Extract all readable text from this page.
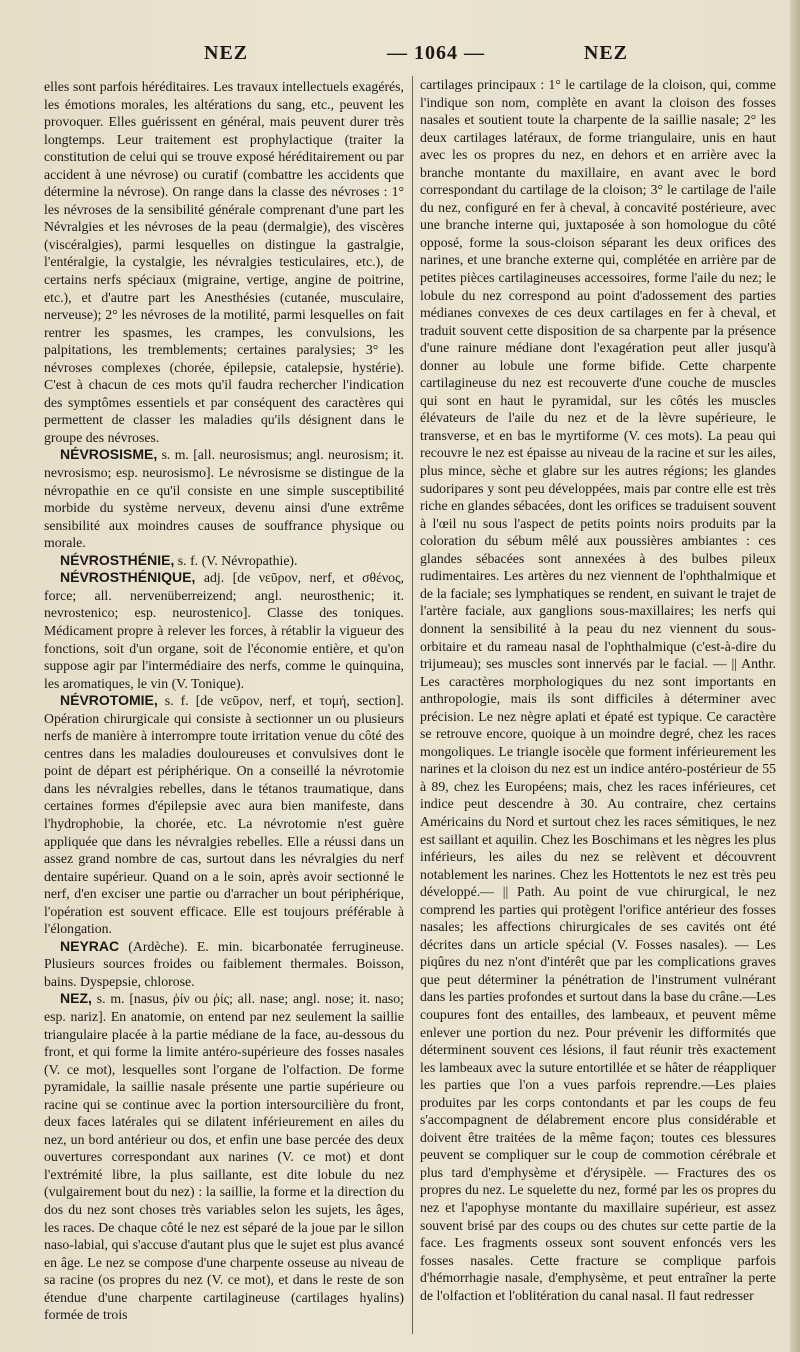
NEZ	— 1064 —	NEZ

elles sont parfois héréditaires. Les travaux intellectuels exagérés, les émotions morales, les altérations du sang, etc., peuvent les provoquer. Elles guérissent en général, mais peuvent durer très longtemps. Leur traitement est prophylactique (traiter la constitution de celui qui se trouve exposé héréditairement ou par accident à une névrose) ou curatif (combattre les accidents que détermine la névrose). On range dans la classe des névroses : 1° les névroses de la sensibilité générale comprenant d'une part les Névralgies et les névroses de la peau (dermalgie), des viscères (viscéralgies), parmi lesquelles on distingue la gastralgie, l'entéralgie, la cystalgie, les névralgies testiculaires, etc.), de certains nerfs spéciaux (migraine, vertige, angine de poitrine, etc.), et d'autre part les Anesthésies (cutanée, musculaire, nerveuse); 2° les névroses de la motilité, parmi lesquelles on fait rentrer les spasmes, les crampes, les convulsions, les palpitations, les tremblements; certaines paralysies; 3° les névroses complexes (chorée, épilepsie, catalepsie, hystérie). C'est à chacun de ces mots qu'il faudra rechercher l'indication des symptômes essentiels et par conséquent des caractères qui permettent de classer les maladies qu'ils désignent dans le groupe des névroses.

NÉVROSISME, s. m. [all. neurosismus; angl. neurosism; it. nevrosismo; esp. neurosismo]. Le névrosisme se distingue de la névropathie en ce qu'il consiste en une simple susceptibilité morbide du système nerveux, devenu ainsi d'une extrême sensibilité aux moindres causes de souffrance physique ou morale.

NÉVROSTHÉNIE, s. f. (V. Névropathie).

NÉVROSTHÉNIQUE, adj. [de νεῦρον, nerf, et σθένος, force; all. nervenüberreizend; angl. neurosthenic; it. nevrostenico; esp. neurostenico]. Classe des toniques. Médicament propre à relever les forces, à rétablir la vigueur des fonctions, soit d'un organe, soit de l'économie entière, et qu'on suppose agir par l'intermédiaire des nerfs, comme le quinquina, les aromatiques, le vin (V. Tonique).

NÉVROTOMIE, s. f. [de νεῦρον, nerf, et τομή, section]. Opération chirurgicale qui consiste à sectionner un ou plusieurs nerfs de manière à interrompre toute irritation venue du côté des centres dans les maladies douloureuses et convulsives dont le point de départ est périphérique. On a conseillé la névrotomie dans les névralgies rebelles, dans le tétanos traumatique, dans certaines formes d'épilepsie avec aura bien manifeste, dans l'hydrophobie, la chorée, etc. La névrotomie n'est guère appliquée que dans les névralgies rebelles. Elle a réussi dans un assez grand nombre de cas, surtout dans les névralgies du nerf dentaire supérieur. Quand on a le soin, après avoir sectionné le nerf, d'en exciser une partie ou d'arracher un bout périphérique, l'opération est souvent efficace. Elle est toujours préférable à l'élongation.

NEYRAC (Ardèche). E. min. bicarbonatée ferrugineuse. Plusieurs sources froides ou faiblement thermales. Boisson, bains. Dyspepsie, chlorose.

NEZ, s. m. [nasus, ῥίν ou ῥίς; all. nase; angl. nose; it. naso; esp. nariz]. En anatomie, on entend par nez seulement la saillie triangulaire placée à la partie médiane de la face, au-dessous du front, et qui forme la limite antéro-supérieure des fosses nasales (V. ce mot), lesquelles sont l'organe de l'olfaction. De forme pyramidale, la saillie nasale présente une partie supérieure ou racine qui se continue avec la portion intersourcilière du front, deux faces latérales qui se dilatent inférieurement en ailes du nez, un bord antérieur ou dos, et enfin une base percée des deux ouvertures correspondant aux narines (V. ce mot) et dont l'extrémité libre, la plus saillante, est dite lobule du nez (vulgairement bout du nez) : la saillie, la forme et la direction du dos du nez sont choses très variables selon les sujets, les âges, les races. De chaque côté le nez est séparé de la joue par le sillon naso-labial, qui s'accuse d'autant plus que le sujet est plus avancé en âge. Le nez se compose d'une charpente osseuse au niveau de sa racine (os propres du nez (V. ce mot), et dans le reste de son étendue d'une charpente cartilagineuse (cartilages hyalins) formée de trois

cartilages principaux : 1° le cartilage de la cloison, qui, comme l'indique son nom, complète en avant la cloison des fosses nasales et soutient toute la charpente de la saillie nasale; 2° les deux cartilages latéraux, de forme triangulaire, unis en haut avec les os propres du nez, en dehors et en arrière avec la branche montante du maxillaire, en avant avec le bord correspondant du cartilage de la cloison; 3° le cartilage de l'aile du nez, configuré en fer à cheval, à concavité postérieure, avec une branche interne qui, juxtaposée à son homologue du côté opposé, forme la sous-cloison séparant les deux orifices des narines, et une branche externe qui, complétée en arrière par de petites pièces cartilagineuses accessoires, forme l'aile du nez; le lobule du nez correspond au point d'adossement des parties médianes convexes de ces deux cartilages en fer à cheval, et traduit souvent cette disposition de sa charpente par la présence d'une rainure médiane dont l'exagération peut aller jusqu'à donner au lobule une forme bifide. Cette charpente cartilagineuse du nez est recouverte d'une couche de muscles qui sont en haut le pyramidal, sur les côtés les muscles élévateurs de l'aile du nez et de la lèvre supérieure, le transverse, et en bas le myrtiforme (V. ces mots). La peau qui recouvre le nez est épaisse au niveau de la racine et sur les ailes, plus mince, sèche et glabre sur les autres régions; les glandes sudoripares y sont peu développées, mais par contre elle est très riche en glandes sébacées, dont les orifices se traduisent souvent à l'œil nu sous l'aspect de petits points noirs produits par la coloration du sébum mêlé aux poussières ambiantes : ces glandes sébacées sont annexées à des bulbes pileux rudimentaires. Les artères du nez viennent de l'ophthalmique et de la faciale; ses lymphatiques se rendent, en suivant le trajet de l'artère faciale, aux ganglions sous-maxillaires; les nerfs qui donnent la sensibilité à la peau du nez viennent du sous-orbitaire et du rameau nasal de l'ophthalmique (c'est-à-dire du trijumeau); ses muscles sont innervés par le facial. — || Anthr. Les caractères morphologiques du nez sont importants en anthropologie, mais ils sont difficiles à déterminer avec précision. Le nez nègre aplati et épaté est typique. Ce caractère se retrouve encore, quoique à un moindre degré, chez les races mongoliques. Le triangle isocèle que forment inférieurement les narines et la cloison du nez est un indice antéro-postérieur de 55 à 89, chez les Européens; mais, chez les races inférieures, cet indice peut descendre à 30. Au contraire, chez certains Américains du Nord et surtout chez les races sémitiques, le nez est saillant et aquilin. Chez les Boschimans et les nègres les plus inférieurs, les ailes du nez se relèvent et découvrent notablement les narines. Chez les Hottentots le nez est très peu développé.— || Path. Au point de vue chirurgical, le nez comprend les parties qui protègent l'orifice antérieur des fosses nasales; les affections chirurgicales de ses cavités ont été décrites dans un article spécial (V. Fosses nasales). — Les piqûres du nez n'ont d'intérêt que par les complications graves que peut déterminer la pénétration de l'instrument vulnérant dans les parties profondes et surtout dans la base du crâne.—Les coupures font des entailles, des lambeaux, et peuvent même enlever une portion du nez. Pour prévenir les difformités que déterminent souvent ces lésions, il faut réunir très exactement les lambeaux avec la suture entortillée et se hâter de réappliquer les parties que l'on a vues parfois reprendre.—Les plaies produites par les corps contondants et par les coups de feu s'accompagnent de délabrement encore plus considérable et doivent être traitées de la même façon; toutes ces blessures peuvent se compliquer sur le coup de commotion cérébrale et plus tard d'emphysème et d'érysipèle. — Fractures des os propres du nez. Le squelette du nez, formé par les os propres du nez et l'apophyse montante du maxillaire supérieur, est assez souvent brisé par des coups ou des chutes sur cette partie de la face. Les fragments osseux sont souvent enfoncés vers les fosses nasales. Cette fracture se complique parfois d'hémorrhagie nasale, d'emphysème, et peut entraîner la perte de l'olfaction et l'oblitération du canal nasal. Il faut redresser
